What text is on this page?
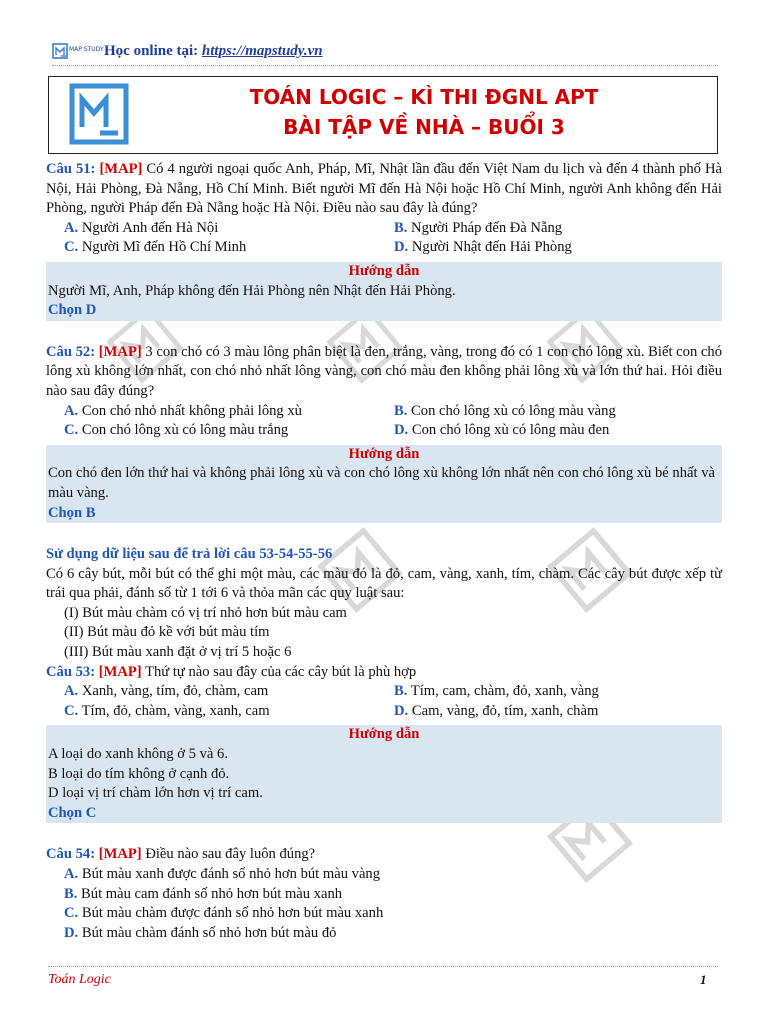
MAP STUDY Học online tại: https://mapstudy.vn
TOÁN LOGIC – KÌ THI ĐGNL APT
BÀI TẬP VỀ NHÀ – BUỔI 3

Câu 51: [MAP] Có 4 người ngoại quốc Anh, Pháp, Mĩ, Nhật lần đầu đến Việt Nam du lịch và đến 4 thành phố Hà Nội, Hải Phòng, Đà Nẵng, Hồ Chí Minh. Biết người Mĩ đến Hà Nội hoặc Hồ Chí Minh, người Anh không đến Hải Phòng, người Pháp đến Đà Nẵng hoặc Hà Nội. Điều nào sau đây là đúng?

A. Người Anh đến Hà Nội	B. Người Pháp đến Đà Nẵng
C. Người Mĩ đến Hồ Chí Minh	D. Người Nhật đến Hải Phòng
Hướng dẫn
Người Mĩ, Anh, Pháp không đến Hải Phòng nên Nhật đến Hải Phòng.
Chọn D

Câu 52: [MAP] 3 con chó có 3 màu lông phân biệt là đen, trắng, vàng, trong đó có 1 con chó lông xù. Biết con chó lông xù không lớn nhất, con chó nhỏ nhất lông vàng, con chó màu đen không phải lông xù và lớn thứ hai. Hỏi điều nào sau đây đúng?

A. Con chó nhỏ nhất không phải lông xù	B. Con chó lông xù có lông màu vàng
C. Con chó lông xù có lông màu trắng	D. Con chó lông xù có lông màu đen
Hướng dẫn
Con chó đen lớn thứ hai và không phải lông xù và con chó lông xù không lớn nhất nên con chó lông xù bé nhất và màu vàng.
Chọn B
Sử dụng dữ liệu sau để trả lời câu 53-54-55-56

Có 6 cây bút, mỗi bút có thể ghi một màu, các màu đó là đỏ, cam, vàng, xanh, tím, chàm. Các cây bút được xếp từ trái qua phải, đánh số từ 1 tới 6 và thỏa mãn các quy luật sau:

(I) Bút màu chàm có vị trí nhỏ hơn bút màu cam
(II) Bút màu đỏ kề với bút màu tím
(III) Bút màu xanh đặt ở vị trí 5 hoặc 6

Câu 53: [MAP] Thứ tự nào sau đây của các cây bút là phù hợp

A. Xanh, vàng, tím, đỏ, chàm, cam	B. Tím, cam, chàm, đỏ, xanh, vàng
C. Tím, đỏ, chàm, vàng, xanh, cam	D. Cam, vàng, đỏ, tím, xanh, chàm
Hướng dẫn
A loại do xanh không ở 5 và 6.
B loại do tím không ở cạnh đỏ.
D loại vị trí chàm lớn hơn vị trí cam.
Chọn C

Câu 54: [MAP] Điều nào sau đây luôn đúng?

A. Bút màu xanh được đánh số nhỏ hơn bút màu vàng
B. Bút màu cam đánh số nhỏ hơn bút màu xanh
C. Bút màu chàm được đánh số nhỏ hơn bút màu xanh
D. Bút màu chàm đánh số nhỏ hơn bút màu đỏ
Toán Logic	1
